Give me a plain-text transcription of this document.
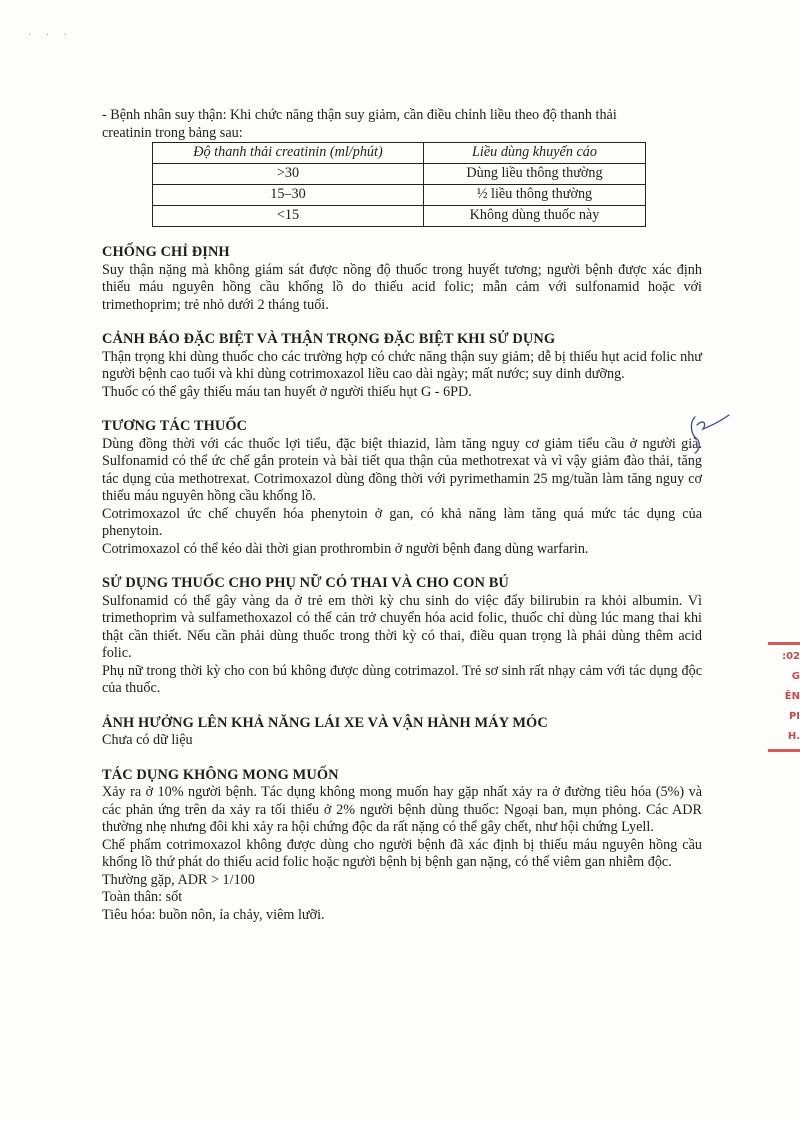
· · ·

- Bệnh nhân suy thận: Khi chức năng thận suy giảm, cần điều chỉnh liều theo độ thanh thải

creatinin trong bảng sau:

Độ thanh thải creatinin (ml/phút)	Liều dùng khuyến cáo
>30	Dùng liều thông thường
15–30	½ liều thông thường
<15	Không dùng thuốc này
CHỐNG CHỈ ĐỊNH

Suy thận nặng mà không giám sát được nồng độ thuốc trong huyết tương; người bệnh được xác định thiếu máu nguyên hồng cầu khổng lồ do thiếu acid folic; mẫn cảm với sulfonamid hoặc với trimethoprim; trẻ nhỏ dưới 2 tháng tuổi.

CẢNH BÁO ĐẶC BIỆT VÀ THẬN TRỌNG ĐẶC BIỆT KHI SỬ DỤNG

Thận trọng khi dùng thuốc cho các trường hợp có chức năng thận suy giảm; dễ bị thiếu hụt acid folic như người bệnh cao tuổi và khi dùng cotrimoxazol liều cao dài ngày; mất nước; suy dinh dưỡng.

Thuốc có thể gây thiếu máu tan huyết ở người thiếu hụt G - 6PD.

TƯƠNG TÁC THUỐC

Dùng đồng thời với các thuốc lợi tiểu, đặc biệt thiazid, làm tăng nguy cơ giảm tiểu cầu ở người già. Sulfonamid có thể ức chế gắn protein và bài tiết qua thận của methotrexat và vì vậy giảm đào thải, tăng tác dụng của methotrexat. Cotrimoxazol dùng đồng thời với pyrimethamin 25 mg/tuần làm tăng nguy cơ thiếu máu nguyên hồng cầu khổng lồ.

Cotrimoxazol ức chế chuyển hóa phenytoin ở gan, có khả năng làm tăng quá mức tác dụng của phenytoin.

Cotrimoxazol có thể kéo dài thời gian prothrombin ở người bệnh đang dùng warfarin.

SỬ DỤNG THUỐC CHO PHỤ NỮ CÓ THAI VÀ CHO CON BÚ

Sulfonamid có thể gây vàng da ở trẻ em thời kỳ chu sinh do việc đẩy bilirubin ra khỏi albumin. Vì trimethoprim và sulfamethoxazol có thể cản trở chuyển hóa acid folic, thuốc chỉ dùng lúc mang thai khi thật cần thiết. Nếu cần phải dùng thuốc trong thời kỳ có thai, điều quan trọng là phải dùng thêm acid folic.

Phụ nữ trong thời kỳ cho con bú không được dùng cotrimazol. Trẻ sơ sinh rất nhạy cảm với tác dụng độc của thuốc.

ẢNH HƯỞNG LÊN KHẢ NĂNG LÁI XE VÀ VẬN HÀNH MÁY MÓC

Chưa có dữ liệu

TÁC DỤNG KHÔNG MONG MUỐN

Xảy ra ở 10% người bệnh. Tác dụng không mong muốn hay gặp nhất xảy ra ở đường tiêu hóa (5%) và các phản ứng trên da xảy ra tối thiểu ở 2% người bệnh dùng thuốc: Ngoại ban, mụn phỏng. Các ADR thường nhẹ nhưng đôi khi xảy ra hội chứng độc da rất nặng có thể gây chết, như hội chứng Lyell.

Chế phẩm cotrimoxazol không được dùng cho người bệnh đã xác định bị thiếu máu nguyên hồng cầu khổng lồ thứ phát do thiếu acid folic hoặc người bệnh bị bệnh gan nặng, có thể viêm gan nhiễm độc.

Thường gặp, ADR > 1/100

Toàn thân: sốt

Tiêu hóa: buồn nôn, ỉa chảy, viêm lưỡi.

:02
G
ÊN
PI
H.
